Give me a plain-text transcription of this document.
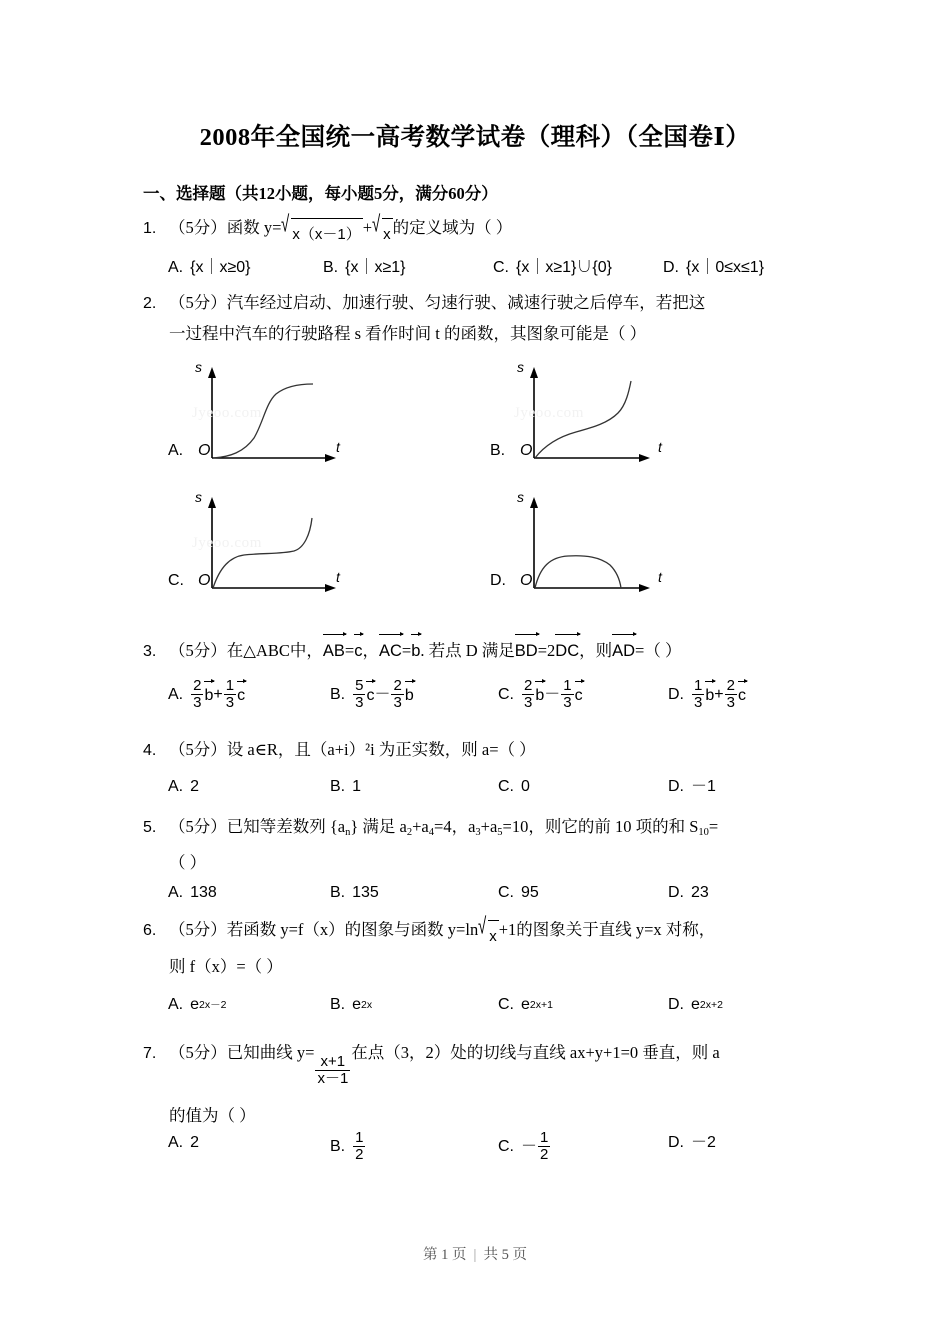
2008年全国统一高考数学试卷（理科）（全国卷Ⅰ）
一、选择题（共12小题，每小题5分，满分60分）
1. （5分）函数 y= √ x（x－1） + √ x 的定义域为（ ）
A. {x｜x≥0}	B. {x｜x≥1}	C. {x｜x≥1}∪{0}	D. {x｜0≤x≤1}
2. （5分）汽车经过启动、加速行驶、匀速行驶、减速行驶之后停车，若把这
一过程中汽车的行驶路程 s 看作时间 t 的函数，其图象可能是（ ）
A. O
s
t
Jyeoo.com
B. O
s
t
Jyeoo.com
C. O
s
t
Jyeoo.com
D. O
s
t
3. （5分）在△ABC中，AB=c，AC=b. 若点 D 满足BD=2DC，则AD=（ ）
A. $\frac{2}{3}$ $b + \frac{1}{3}$ c	B. $\frac{5}{3}$ $c - \frac{2}{3}$ b	C. $\frac{2}{3}$ $b - \frac{1}{3}$ c	D. $\frac{1}{3}$ $b + \frac{2}{3}$ c
4. （5分）设 a∈R，且（a+i）²i 为正实数，则 a=（ ）
A. 2	B. 1	C. 0	D. －1
5. （5分）已知等差数列 $\{a_n\}$ 满足 $a_2+a_4=4$，$a_3+a_5=10$，则它的前 10 项的和 $S_{10}=$
（ ）
A. 138	B. 135	C. 95	D. 23
6. （5分）若函数 y=f（x）的图象与函数 y=ln √ x +1的图象关于直线 y=x 对称，
则 f（x）=（ ）
A. e 2x－2	B. e 2x	C. e 2x+1	D. e 2x+2
7. （5分）已知曲线 y=
$\frac{x+1}{x-1}$
在点（3，2）处的切线与直线 ax+y+1=0 垂直，则 a
的值为（ ）
A. 2	B. $\frac{1}{2}$	C. － $\frac{1}{2}$	D. －2
第 1 页 | 共 5 页
